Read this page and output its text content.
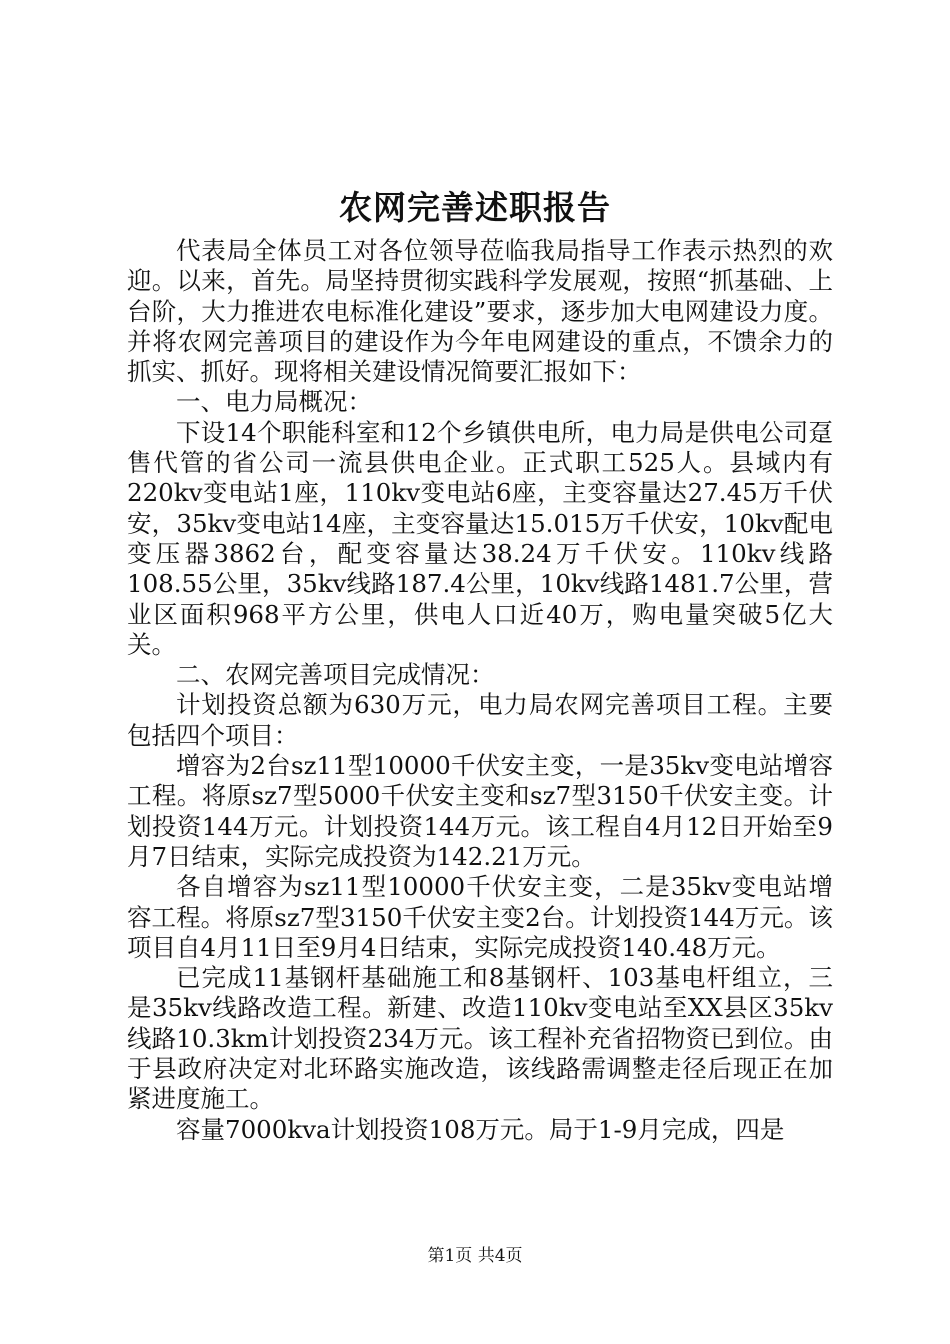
农网完善述职报告

代表局全体员工对各位领导莅临我局指导工作表示热烈的欢迎。以来，首先。局坚持贯彻实践科学发展观，按照“抓基础、上台阶，大力推进农电标准化建设”要求，逐步加大电网建设力度。并将农网完善项目的建设作为今年电网建设的重点，不馈余力的抓实、抓好。现将相关建设情况简要汇报如下：

一、电力局概况：

下设14个职能科室和12个乡镇供电所，电力局是供电公司趸售代管的省公司一流县供电企业。正式职工525人。县域内有220kv变电站1座，110kv变电站6座，主变容量达27.45万千伏安，35kv变电站14座，主变容量达15.015万千伏安，10kv配电变压器3862台，配变容量达38.24万千伏安。110kv线路108.55公里，35kv线路187.4公里，10kv线路1481.7公里，营业区面积968平方公里，供电人口近40万，购电量突破5亿大关。

二、农网完善项目完成情况：

计划投资总额为630万元，电力局农网完善项目工程。主要包括四个项目：

增容为2台sz11型10000千伏安主变，一是35kv变电站增容工程。将原sz7型5000千伏安主变和sz7型3150千伏安主变。计划投资144万元。计划投资144万元。该工程自4月12日开始至9月7日结束，实际完成投资为142.21万元。

各自增容为sz11型10000千伏安主变，二是35kv变电站增容工程。将原sz7型3150千伏安主变2台。计划投资144万元。该项目自4月11日至9月4日结束，实际完成投资140.48万元。

已完成11基钢杆基础施工和8基钢杆、103基电杆组立，三是35kv线路改造工程。新建、改造110kv变电站至XX县区35kv线路10.3km计划投资234万元。该工程补充省招物资已到位。由于县政府决定对北环路实施改造，该线路需调整走径后现正在加紧进度施工。

容量7000kva计划投资108万元。局于1-9月完成，四是

第1页 共4页
